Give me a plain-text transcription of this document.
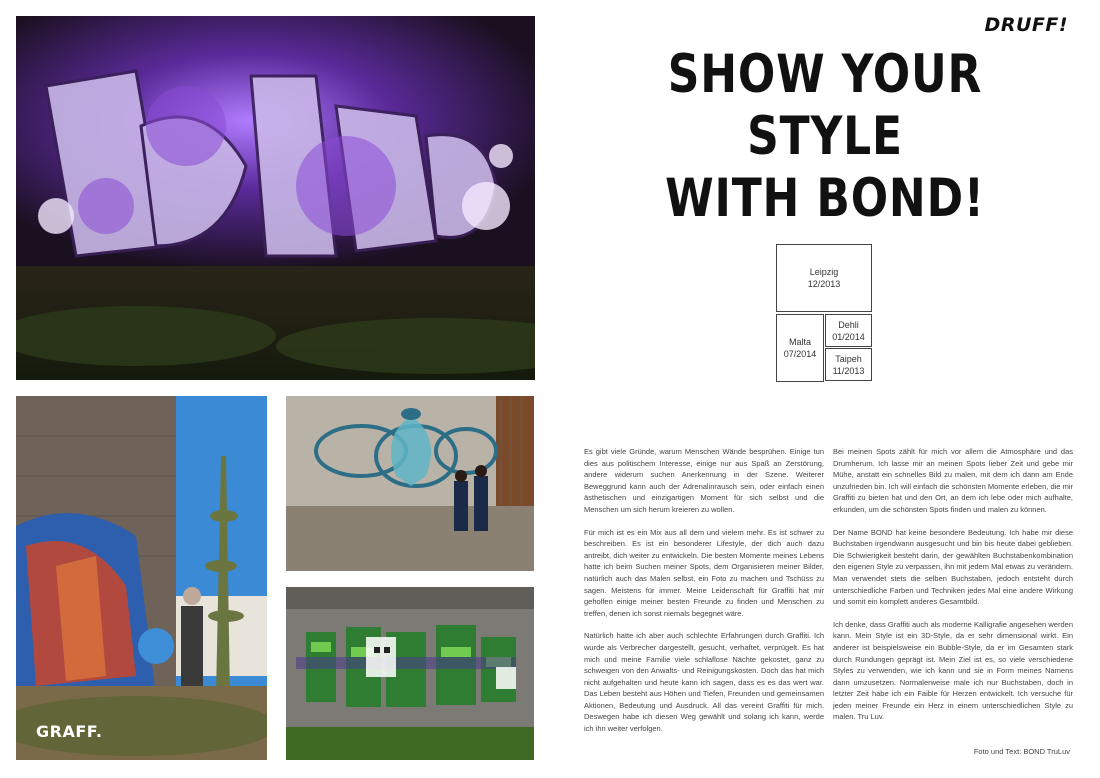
GRAFF.
DRUFF!
SHOW YOUR STYLE
WITH BOND!
Leipzig
12/2013
Malta
07/2014
Dehli
01/2014
Taipeh
11/2013

Es gibt viele Gründe, warum Menschen Wände besprühen. Einige tun dies aus politischem Interesse, einige nur aus Spaß an Zerstörung, andere widerum suchen Anerkennung in der Szene. Weiterer Beweggrund kann auch der Adrenalinrausch sein, oder einfach einen ästhetischen und einzigartigen Moment für sich selbst und die Menschen um sich herum kreieren zu wollen.

Für mich ist es ein Mix aus all dem und vielem mehr. Es ist schwer zu beschreiben. Es ist ein besonderer Lifestyle, der dich auch dazu antreibt, dich weiter zu entwickeln. Die besten Momente meines Lebens hatte ich beim Suchen meiner Spots, dem Organisieren meiner Bilder, natürlich auch das Malen selbst, ein Foto zu machen und Tschüss zu sagen. Meistens für immer. Meine Leidenschaft für Graffiti hat mir geholfen einige meiner besten Freunde zu finden und Menschen zu treffen, denen ich sonst niemals begegnet wäre.

Natürlich hatte ich aber auch schlechte Erfahrungen durch Graffiti. Ich wurde als Verbrecher dargestellt, gesucht, verhaftet, verprügelt. Es hat mich und meine Familie viele schlaflose Nächte gekostet, ganz zu schweigen von den Anwalts- und Reinigungskosten. Doch das hat mich nicht aufgehalten und heute kann ich sagen, dass es es das wert war. Das Leben besteht aus Höhen und Tiefen, Freunden und gemeinsamen Aktionen, Bedeutung und Ausdruck. All das vereint Graffiti für mich. Deswegen habe ich diesen Weg gewählt und solang ich kann, werde ich ihn weiter verfolgen.

Bei meinen Spots zählt für mich vor allem die Atmosphäre und das Drumherum. Ich lasse mir an meinen Spots lieber Zeit und gebe mir Mühe, anstatt ein schnelles Bild zu malen, mit dem ich dann am Ende unzufrieden bin. Ich will einfach die schönsten Momente erleben, die mir Graffiti zu bieten hat und den Ort, an dem ich lebe oder mich aufhalte, erkunden, um die schönsten Spots finden und malen zu können.

Der Name BOND hat keine besondere Bedeutung. Ich habe mir diese Buchstaben irgendwann ausgesucht und bin bis heute dabei geblieben. Die Schwierigkeit besteht darin, der gewählten Buchstabenkombination den eigenen Style zu verpassen, ihn mit jedem Mal etwas zu verändern. Man verwendet stets die selben Buchstaben, jedoch entsteht durch unterschiedliche Farben und Techniken jedes Mal eine andere Wirkung und somit ein komplett anderes Gesamtbild.

Ich denke, dass Graffiti auch als moderne Kalligrafie angesehen werden kann. Mein Style ist ein 3D-Style, da er sehr dimensional wirkt. Ein anderer ist beispielsweise ein Bubble-Style, da er im Gesamten stark durch Rundungen geprägt ist. Mein Ziel ist es, so viele verschiedene Styles zu verwenden, wie ich kann und sie in Form meines Namens dann umzusetzen. Normalerweise male ich nur Buchstaben, doch in letzter Zeit habe ich ein Faible für Herzen entwickelt. Ich versuche für jeden meiner Freunde ein Herz in einem unterschiedlichen Style zu malen. Tru Luv.

Foto und Text: BOND TruLuv
